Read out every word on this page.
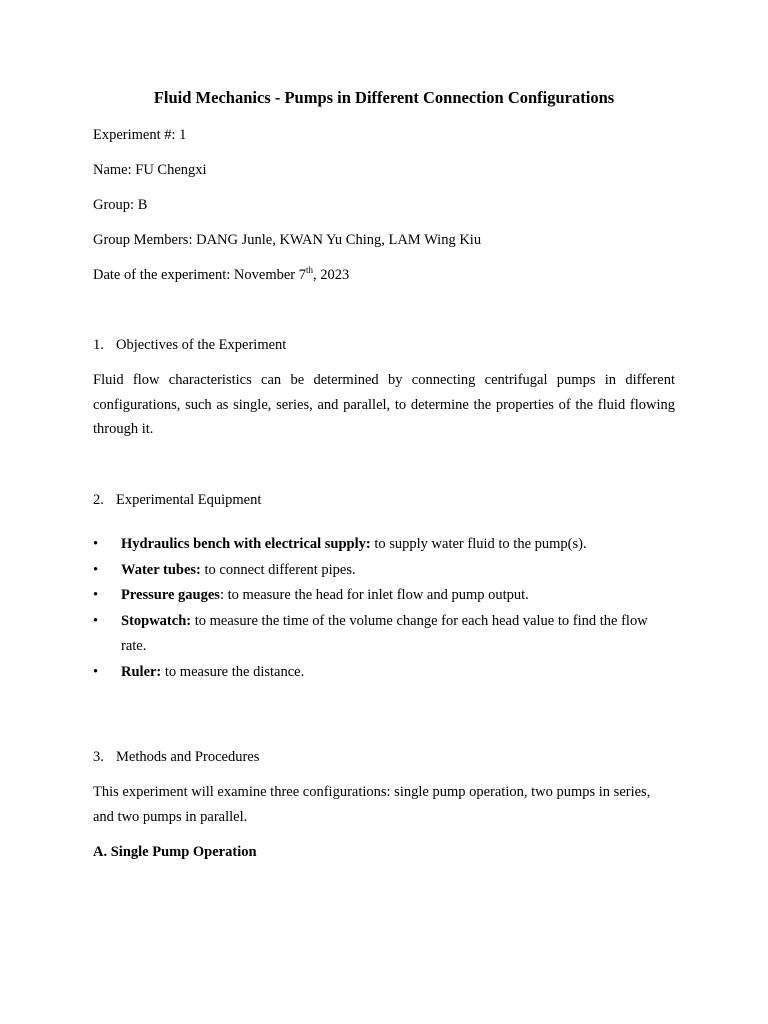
Fluid Mechanics - Pumps in Different Connection Configurations
Experiment #: 1
Name: FU Chengxi
Group: B
Group Members: DANG Junle, KWAN Yu Ching, LAM Wing Kiu
Date of the experiment: November 7th, 2023
1. Objectives of the Experiment
Fluid flow characteristics can be determined by connecting centrifugal pumps in different configurations, such as single, series, and parallel, to determine the properties of the fluid flowing through it.
2. Experimental Equipment
•	Hydraulics bench with electrical supply: to supply water fluid to the pump(s).
•	Water tubes: to connect different pipes.
•	Pressure gauges: to measure the head for inlet flow and pump output.
•	Stopwatch: to measure the time of the volume change for each head value to find the flow rate.
•	Ruler: to measure the distance.
3. Methods and Procedures
This experiment will examine three configurations: single pump operation, two pumps in series, and two pumps in parallel.
A. Single Pump Operation
